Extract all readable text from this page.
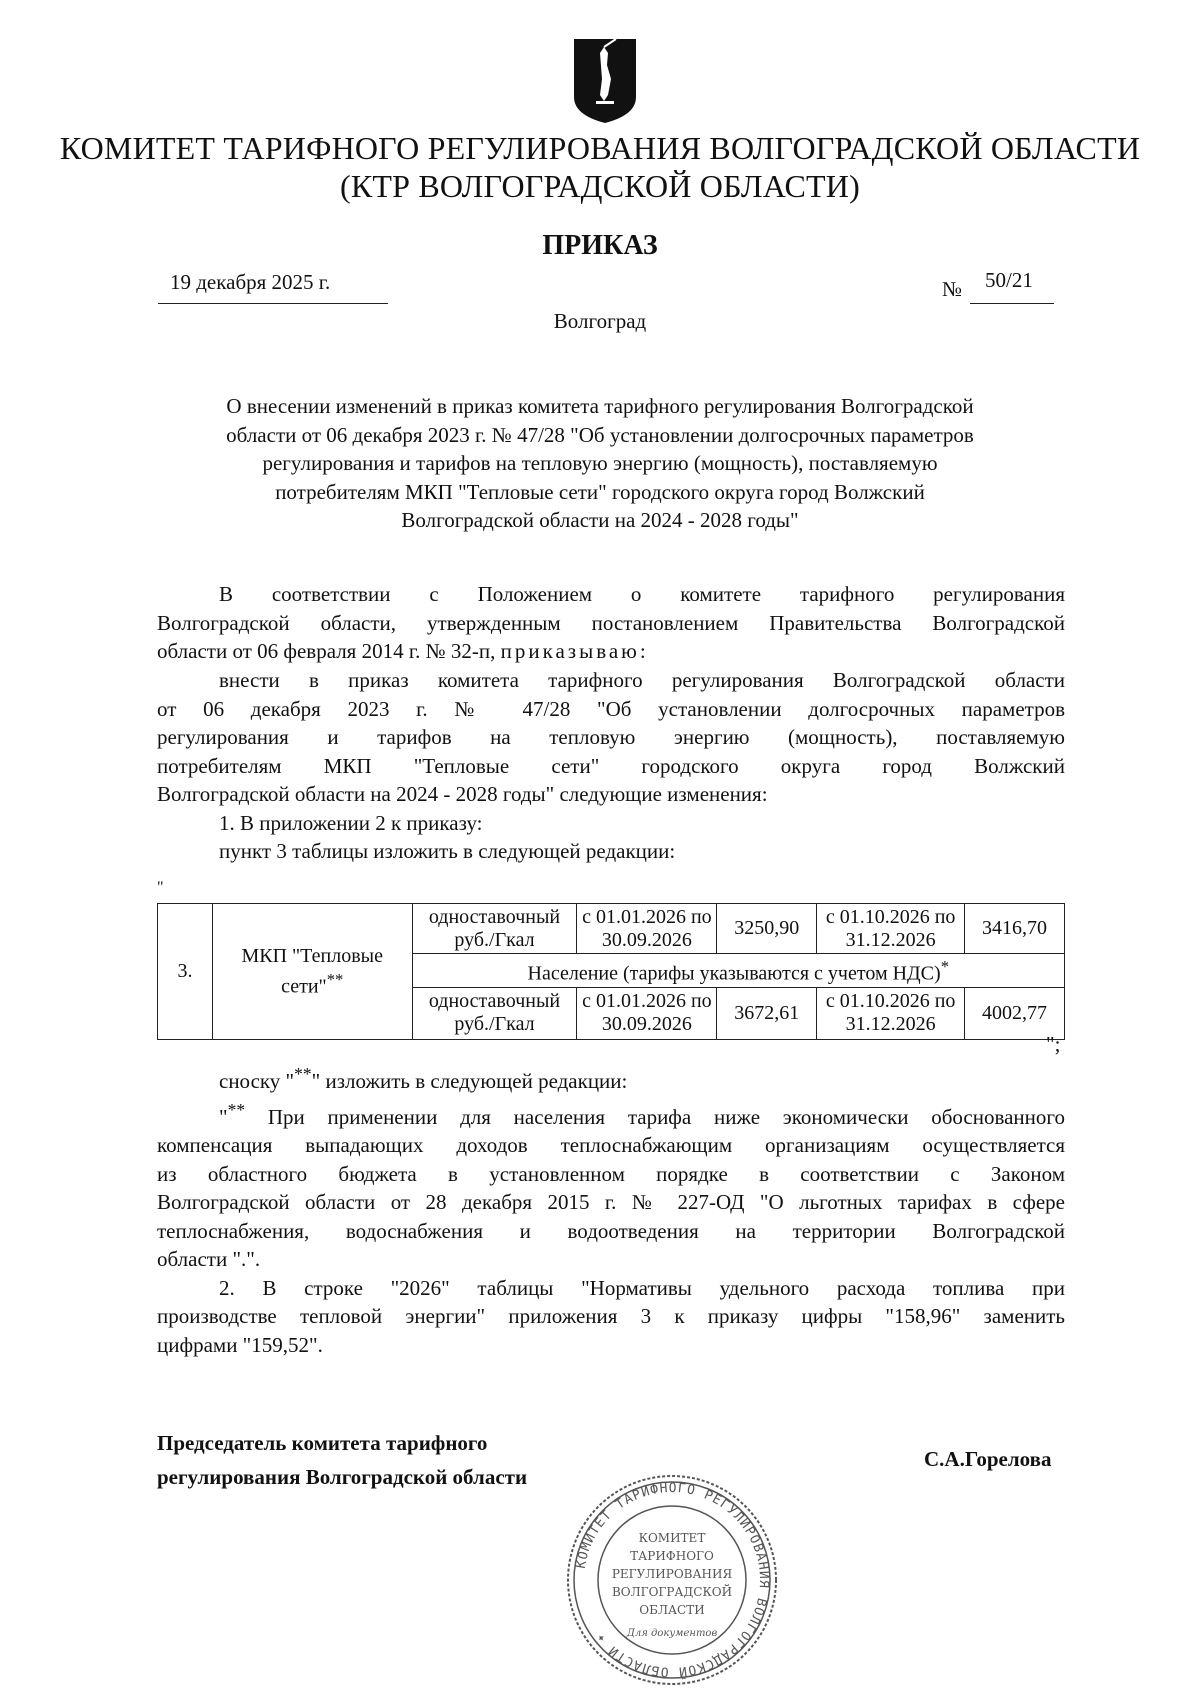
КОМИТЕТ ТАРИФНОГО РЕГУЛИРОВАНИЯ ВОЛГОГРАДСКОЙ ОБЛАСТИ
(КТР ВОЛГОГРАДСКОЙ ОБЛАСТИ)
ПРИКАЗ
19 декабря 2025 г.	№ 50/21
Волгоград
О внесении изменений в приказ комитета тарифного регулирования Волгоградской
области от 06 декабря 2023 г. № 47/28 "Об установлении долгосрочных параметров
регулирования и тарифов на тепловую энергию (мощность), поставляемую
потребителям МКП "Тепловые сети" городского округа город Волжский
Волгоградской области на 2024 - 2028 годы"
В соответствии с Положением о комитете тарифного регулирования
Волгоградской области, утвержденным постановлением Правительства Волгоградской
области от 06 февраля 2014 г. № 32-п, приказываю:
внести в приказ комитета тарифного регулирования Волгоградской области
от 06 декабря 2023 г. № 47/28 "Об установлении долгосрочных параметров
регулирования и тарифов на тепловую энергию (мощность), поставляемую
потребителям МКП "Тепловые сети" городского округа город Волжский
Волгоградской области на 2024 - 2028 годы" следующие изменения:
1. В приложении 2 к приказу:
пункт 3 таблицы изложить в следующей редакции:
"
3.	МКП "Тепловые сети"**	одноставочный руб./Гкал	с 01.01.2026 по 30.09.2026	3250,90	с 01.10.2026 по 31.12.2026	3416,70
		Население (тарифы указываются с учетом НДС)*
		одноставочный руб./Гкал	с 01.01.2026 по 30.09.2026	3672,61	с 01.10.2026 по 31.12.2026	4002,77
";
сноску "**" изложить в следующей редакции:
"** При применении для населения тарифа ниже экономически обоснованного
компенсация выпадающих доходов теплоснабжающим организациям осуществляется
из областного бюджета в установленном порядке в соответствии с Законом
Волгоградской области от 28 декабря 2015 г. № 227-ОД "О льготных тарифах в сфере
теплоснабжения, водоснабжения и водоотведения на территории Волгоградской
области ".".
2. В строке "2026" таблицы "Нормативы удельного расхода топлива при
производстве тепловой энергии" приложения 3 к приказу цифры "158,96" заменить
цифрами "159,52".
КОМИТЕТ ТАРИФНОГО РЕГУЛИРОВАНИЯ ВОЛГОГРАДСКОЙ ОБЛАСТИ ✦
КОМИТЕТ
ТАРИФНОГО
РЕГУЛИРОВАНИЯ
ВОЛГОГРАДСКОЙ
ОБЛАСТИ
Для документов
Председатель комитета тарифного
регулирования Волгоградской области
С.А.Горелова
